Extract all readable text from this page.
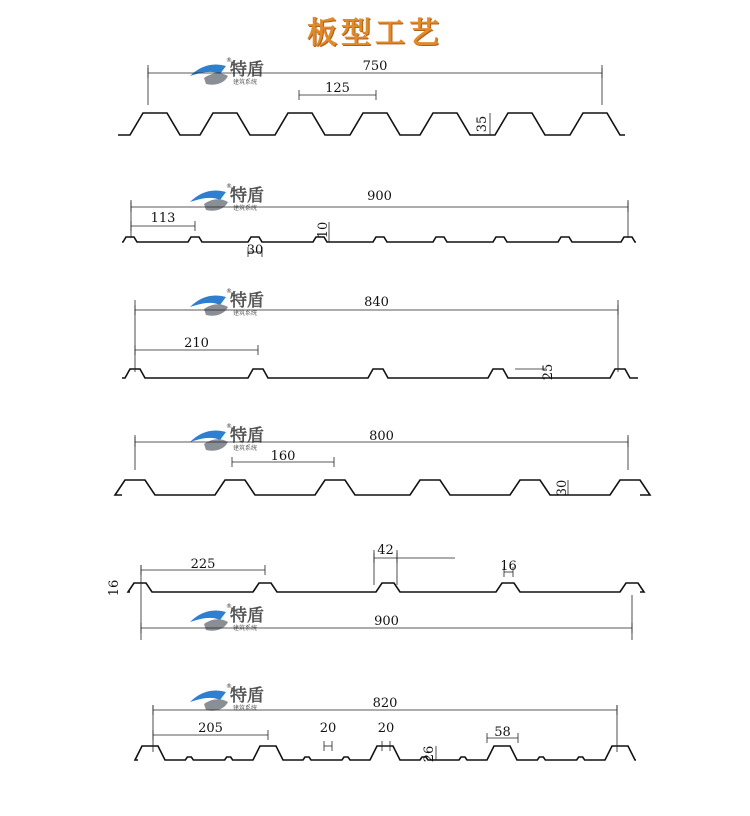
板型工艺
特盾
®
建筑系统
750
125
35
特盾
®
建筑系统
900
113
30
10
特盾
®
建筑系统
840
210
25
特盾
®
建筑系统
800
160
30
特盾
®
建筑系统
225
42
16
16
900
特盾
®
建筑系统	820
205	20	20	58
26
